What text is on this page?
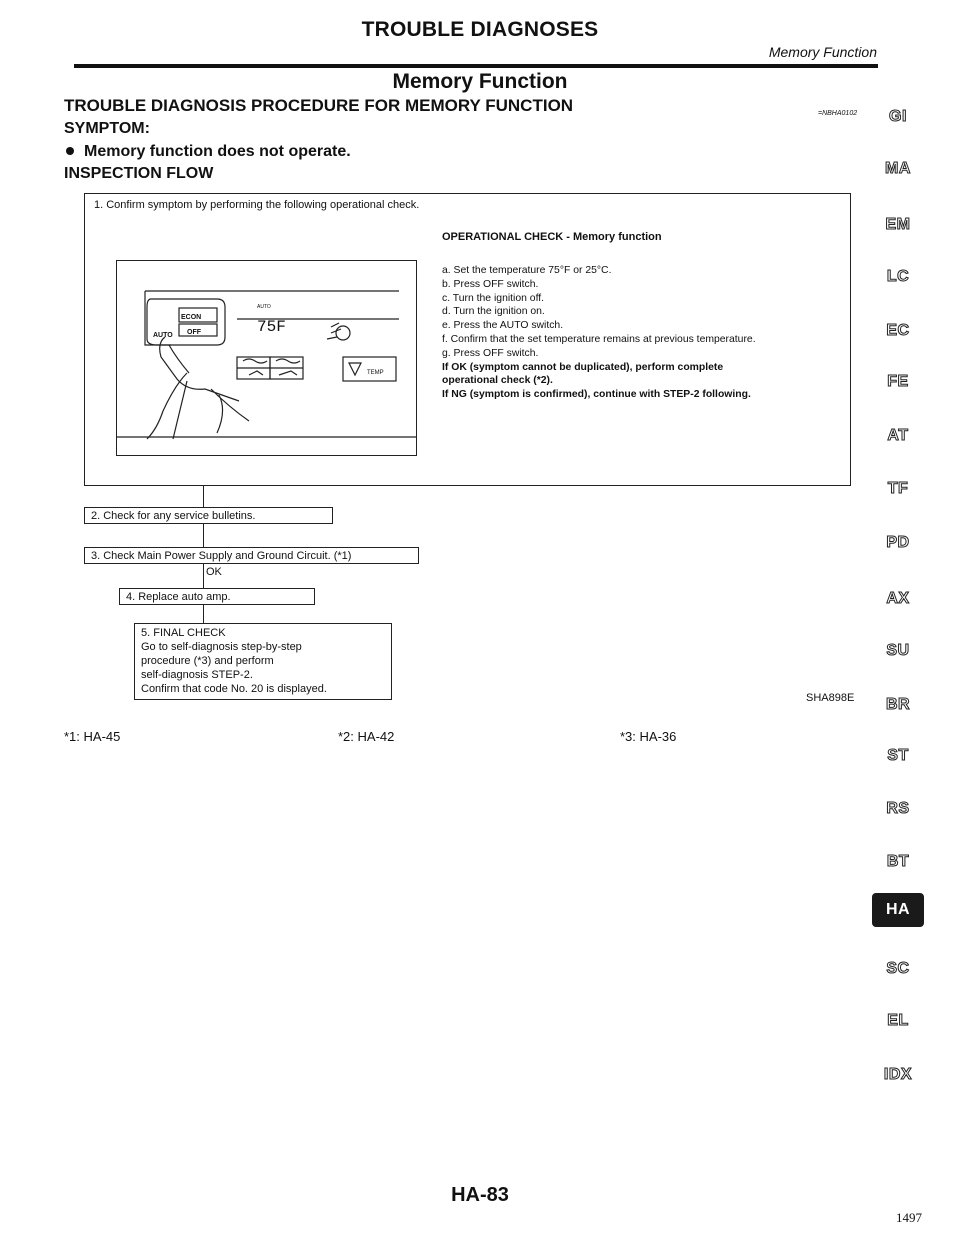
TROUBLE DIAGNOSES
Memory Function
Memory Function
TROUBLE DIAGNOSIS PROCEDURE FOR MEMORY FUNCTION	=NBHA0102
SYMPTOM:
Memory function does not operate.
INSPECTION FLOW
1. Confirm symptom by performing the following operational check.
AUTO
ECON
OFF
AUTO
75F
TEMP
OPERATIONAL CHECK - Memory function
a. Set the temperature 75°F or 25°C.
b. Press OFF switch.
c. Turn the ignition off.
d. Turn the ignition on.
e. Press the AUTO switch.
f. Confirm that the set temperature remains at previous temperature.
g. Press OFF switch.
If OK (symptom cannot be duplicated), perform complete
operational check (*2).
If NG (symptom is confirmed), continue with STEP-2 following.
OK
2. Check for any service bulletins.
3. Check Main Power Supply and Ground Circuit. (*1)
4. Replace auto amp.
5. FINAL CHECK
Go to self-diagnosis step-by-step
procedure (*3) and perform
self-diagnosis STEP-2.
Confirm that code No. 20 is displayed.
SHA898E
*1: HA-45	*2: HA-42	*3: HA-36
HA-83
1497
GI
MA
EM
LC
EC
FE
AT
TF
PD
AX
SU
BR
ST
RS
BT
HA
SC
EL
IDX
